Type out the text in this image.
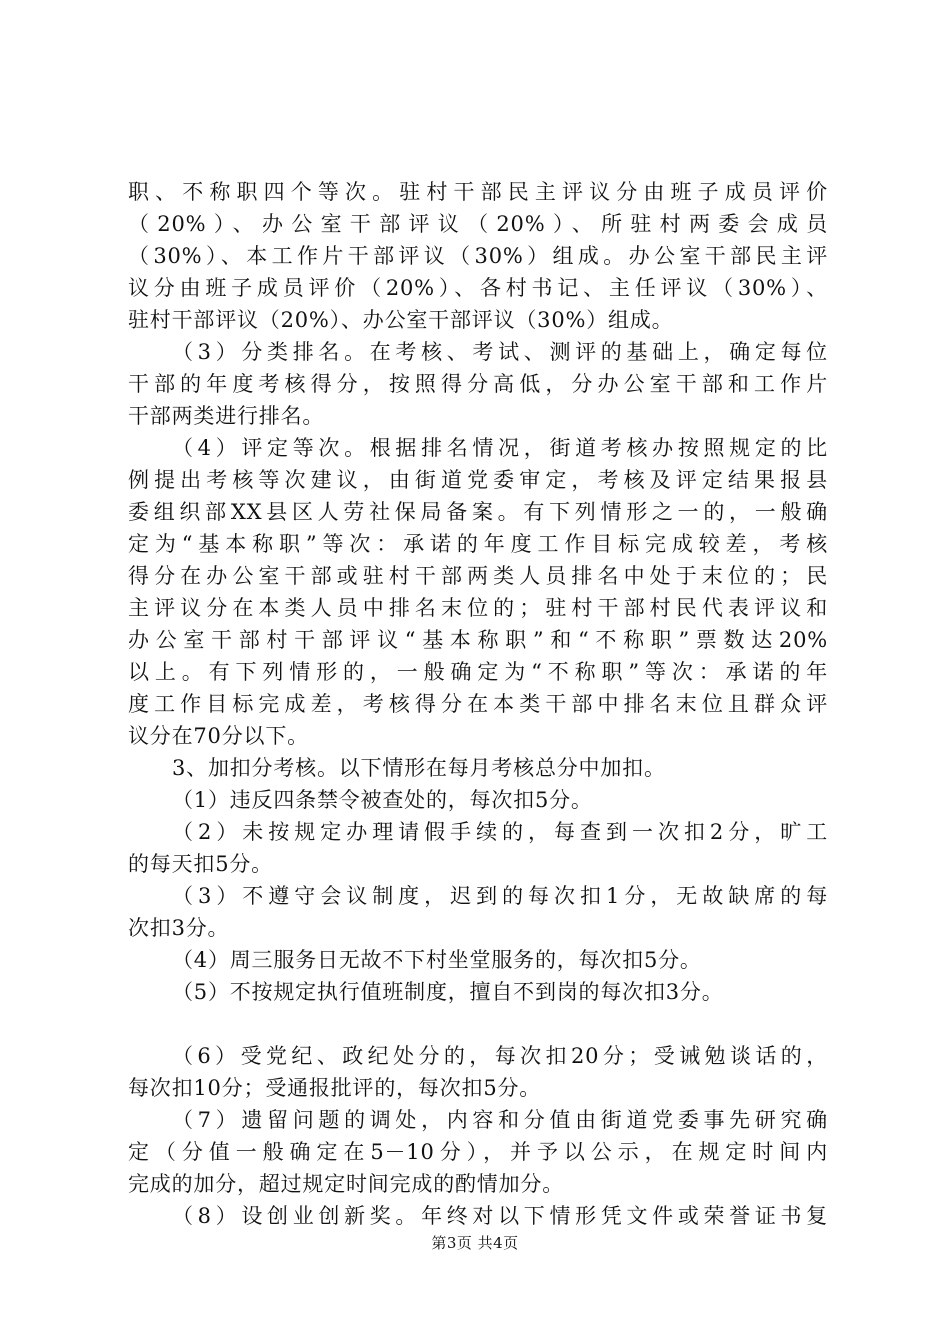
职、不称职四个等次。驻村干部民主评议分由班子成员评价
（20%）、办公室干部评议（20%）、所驻村两委会成员
（30%）、本工作片干部评议（30%）组成。办公室干部民主评
议分由班子成员评价（20%）、各村书记、主任评议（30%）、
驻村干部评议（20%）、办公室干部评议（30%）组成。
（3）分类排名。在考核、考试、测评的基础上，确定每位
干部的年度考核得分，按照得分高低，分办公室干部和工作片
干部两类进行排名。
（4）评定等次。根据排名情况，街道考核办按照规定的比
例提出考核等次建议，由街道党委审定，考核及评定结果报县
委组织部XX县区人劳社保局备案。有下列情形之一的，一般确
定为“基本称职”等次：承诺的年度工作目标完成较差，考核
得分在办公室干部或驻村干部两类人员排名中处于末位的；民
主评议分在本类人员中排名末位的；驻村干部村民代表评议和
办公室干部村干部评议“基本称职”和“不称职”票数达20%
以上。有下列情形的，一般确定为“不称职”等次：承诺的年
度工作目标完成差，考核得分在本类干部中排名末位且群众评
议分在70分以下。
3、加扣分考核。以下情形在每月考核总分中加扣。
（1）违反四条禁令被查处的，每次扣5分。
（2）未按规定办理请假手续的，每查到一次扣2分，旷工
的每天扣5分。
（3）不遵守会议制度，迟到的每次扣1分，无故缺席的每
次扣3分。
（4）周三服务日无故不下村坐堂服务的，每次扣5分。
（5）不按规定执行值班制度，擅自不到岗的每次扣3分。
（6）受党纪、政纪处分的，每次扣20分；受诫勉谈话的，
每次扣10分；受通报批评的，每次扣5分。
（7）遗留问题的调处，内容和分值由街道党委事先研究确
定（分值一般确定在5－10分），并予以公示，在规定时间内
完成的加分，超过规定时间完成的酌情加分。
（8）设创业创新奖。年终对以下情形凭文件或荣誉证书复
第3页 共4页
